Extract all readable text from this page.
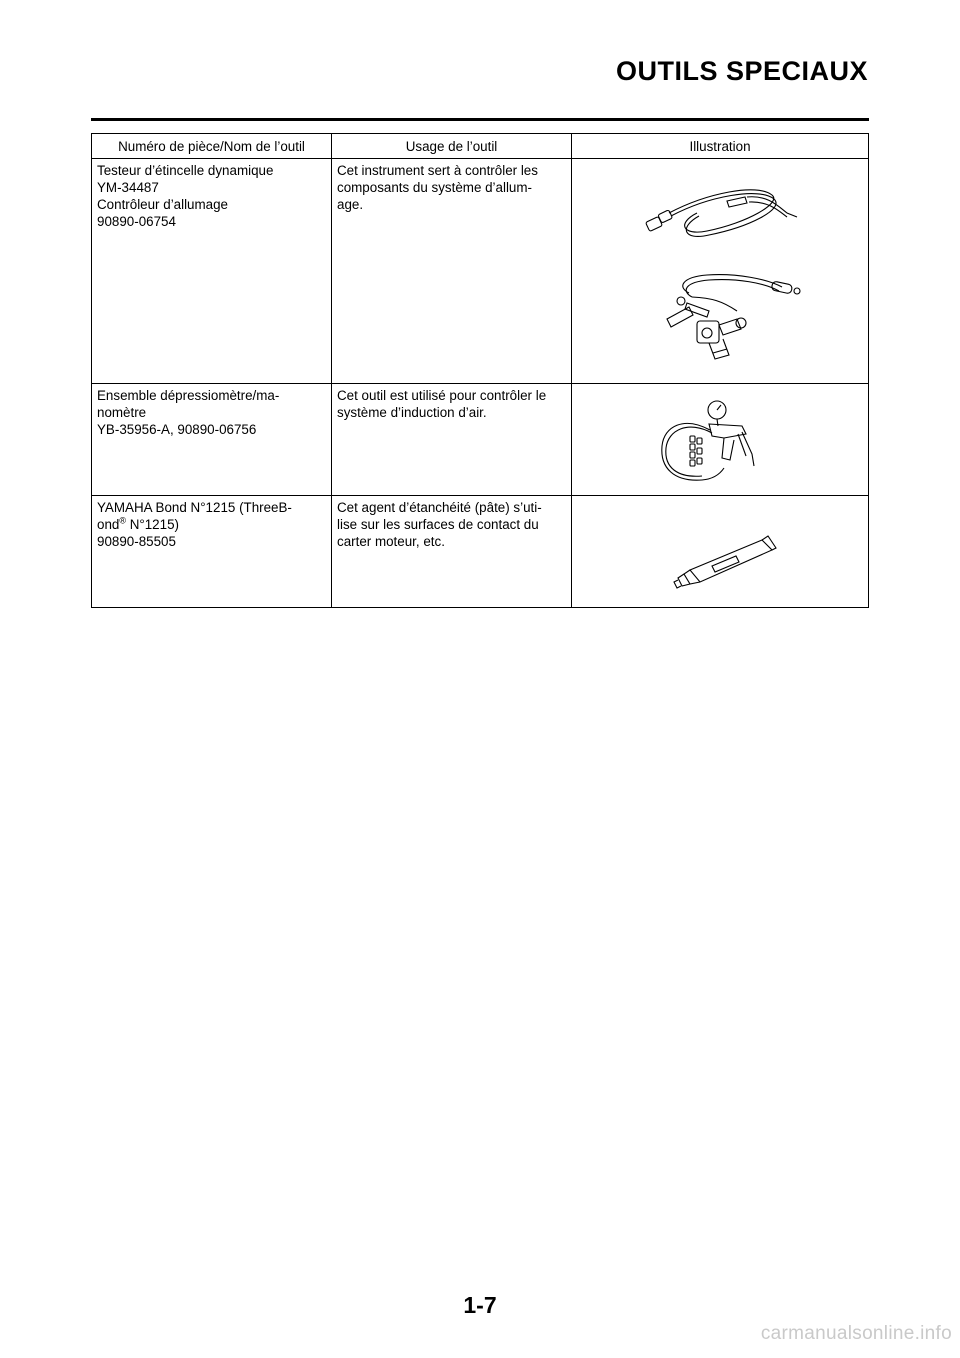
OUTILS SPECIAUX
Numéro de pièce/Nom de l’outil	Usage de l’outil	Illustration

Testeur d’étincelle dynamique
YM-34487
Contrôleur d’allumage
90890-06754	Cet instrument sert à contrôler les
composants du système d’allum-
age.

Ensemble dépressiomètre/ma-
nomètre
YB-35956-A, 90890-06756	Cet outil est utilisé pour contrôler le
système d’induction d’air.

YAMAHA Bond N°1215 (ThreeB-
ond® N°1215)
90890-85505	Cet agent d’étanchéité (pâte) s’uti-
lise sur les surfaces de contact du
carter moteur, etc.

1-7
carmanualsonline.info
